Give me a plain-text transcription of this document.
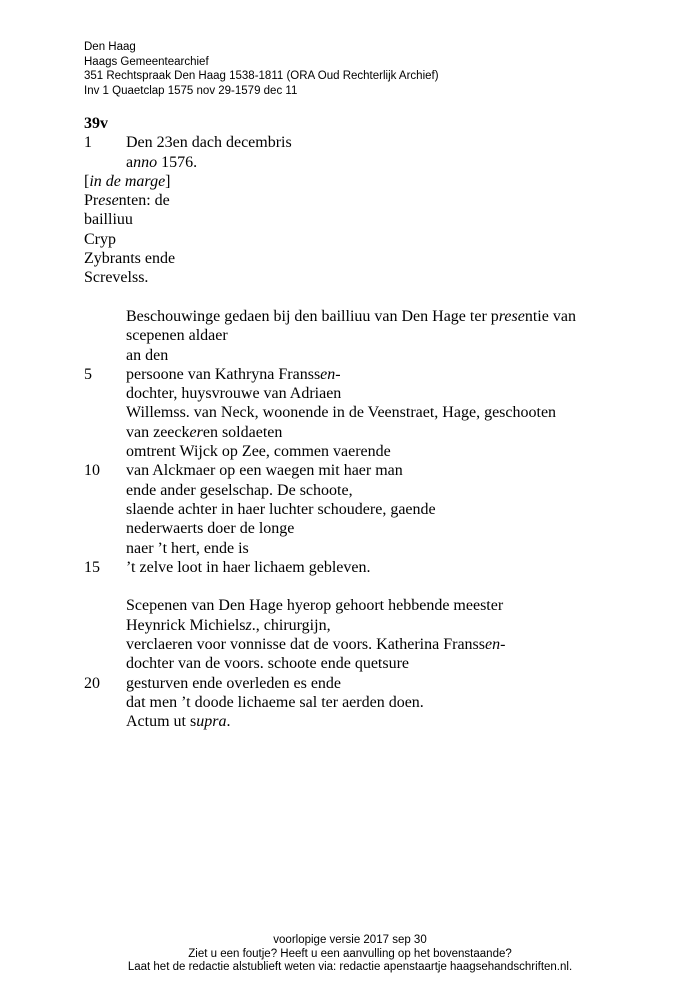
Den Haag
Haags Gemeentearchief
351 Rechtspraak Den Haag 1538-1811 (ORA Oud Rechterlijk Archief)
Inv 1 Quaetclap 1575 nov 29-1579 dec 11
39v
1 Den 23en dach decembris
anno 1576.
[in de marge]
Presenten: de
bailliuu
Cryp
Zybrants ende
Screvelss.
Beschouwinge gedaen bij den bailliuu van Den Hage ter presentie van
scepenen aldaer
an den
5 persoone van Kathryna Franssen-
dochter, huysvrouwe van Adriaen
Willemss. van Neck, woonende in de Veenstraet, Hage, geschooten
van zeeckeren soldaeten
omtrent Wijck op Zee, commen vaerende
10 van Alckmaer op een waegen mit haer man
ende ander geselschap. De schoote,
slaende achter in haer luchter schoudere, gaende
nederwaerts doer de longe
naer ’t hert, ende is
15 ’t zelve loot in haer lichaem gebleven.
Scepenen van Den Hage hyerop gehoort hebbende meester
Heynrick Michielsz., chirurgijn,
verclaeren voor vonnisse dat de voors. Katherina Franssen-
dochter van de voors. schoote ende quetsure
20 gesturven ende overleden es ende
dat men ’t doode lichaeme sal ter aerden doen.
Actum ut supra.
voorlopige versie 2017 sep 30
Ziet u een foutje? Heeft u een aanvulling op het bovenstaande?
Laat het de redactie alstublieft weten via: redactie apenstaartje haagsehandschriften.nl.
